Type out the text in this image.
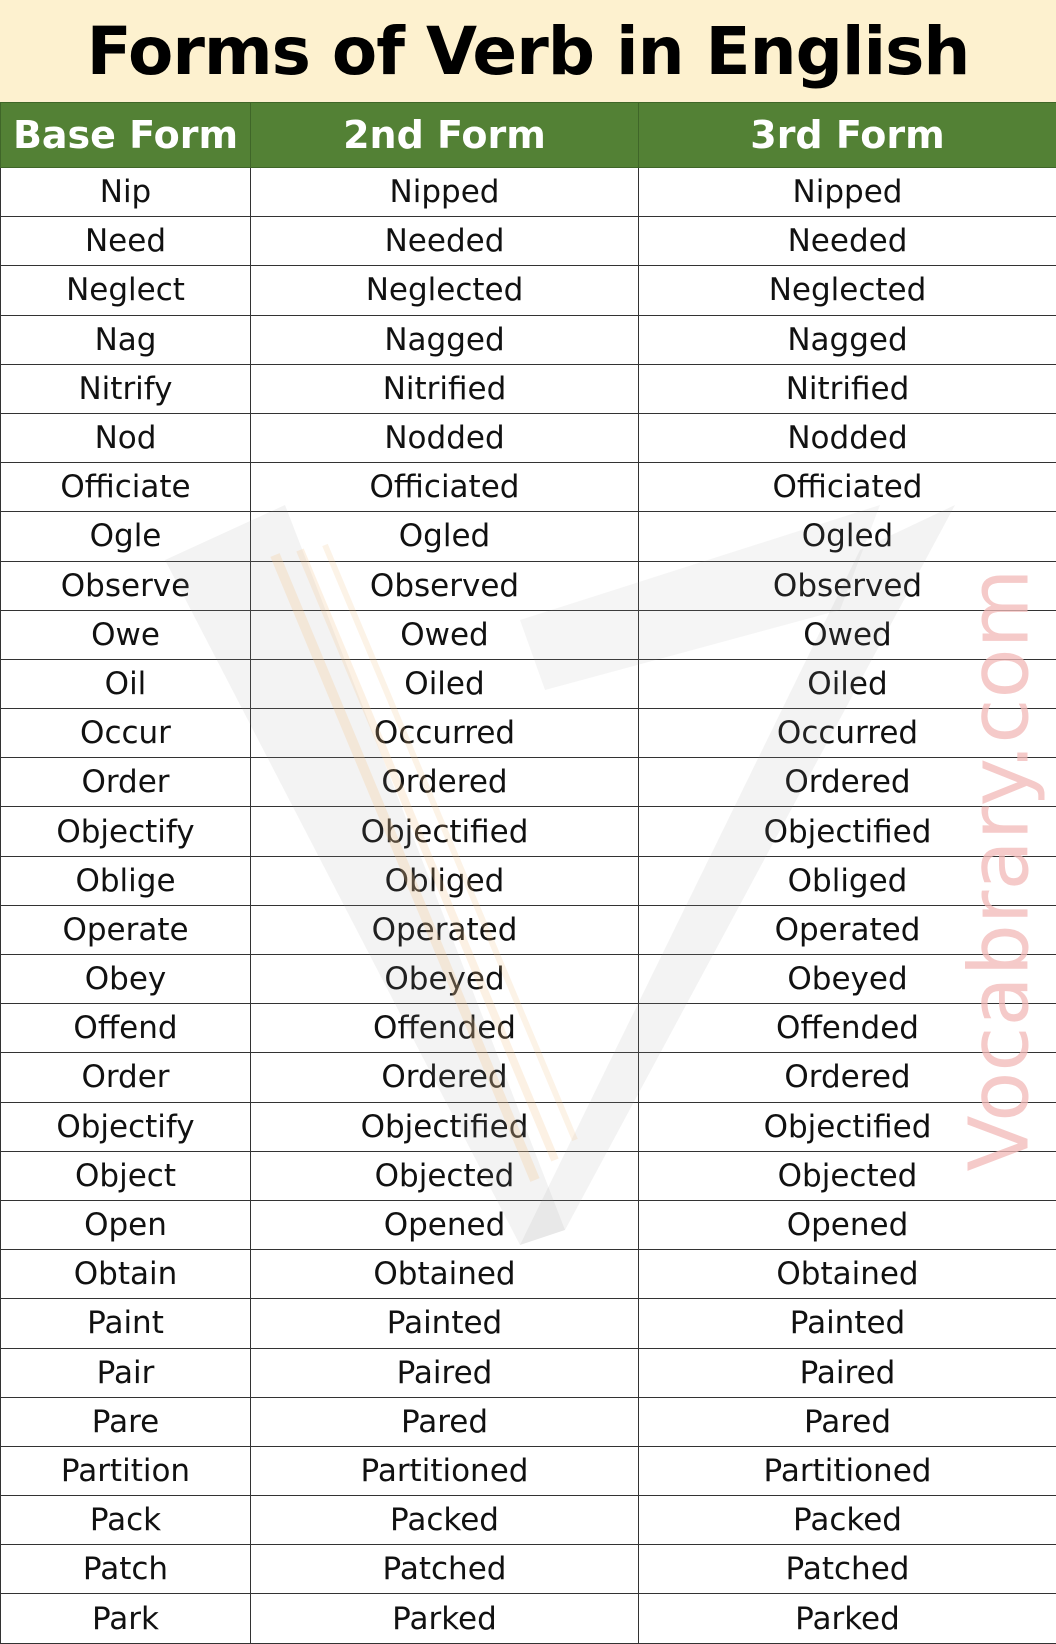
Forms of Verb in English
Base Form	2nd Form	3rd Form
Nip	Nipped	Nipped
Need	Needed	Needed
Neglect	Neglected	Neglected
Nag	Nagged	Nagged
Nitrify	Nitrified	Nitrified
Nod	Nodded	Nodded
Officiate	Officiated	Officiated
Ogle	Ogled	Ogled
Observe	Observed	Observed
Owe	Owed	Owed
Oil	Oiled	Oiled
Occur	Occurred	Occurred
Order	Ordered	Ordered
Objectify	Objectified	Objectified
Oblige	Obliged	Obliged
Operate	Operated	Operated
Obey	Obeyed	Obeyed
Offend	Offended	Offended
Order	Ordered	Ordered
Objectify	Objectified	Objectified
Object	Objected	Objected
Open	Opened	Opened
Obtain	Obtained	Obtained
Paint	Painted	Painted
Pair	Paired	Paired
Pare	Pared	Pared
Partition	Partitioned	Partitioned
Pack	Packed	Packed
Patch	Patched	Patched
Park	Parked	Parked
Vocabrary.com
